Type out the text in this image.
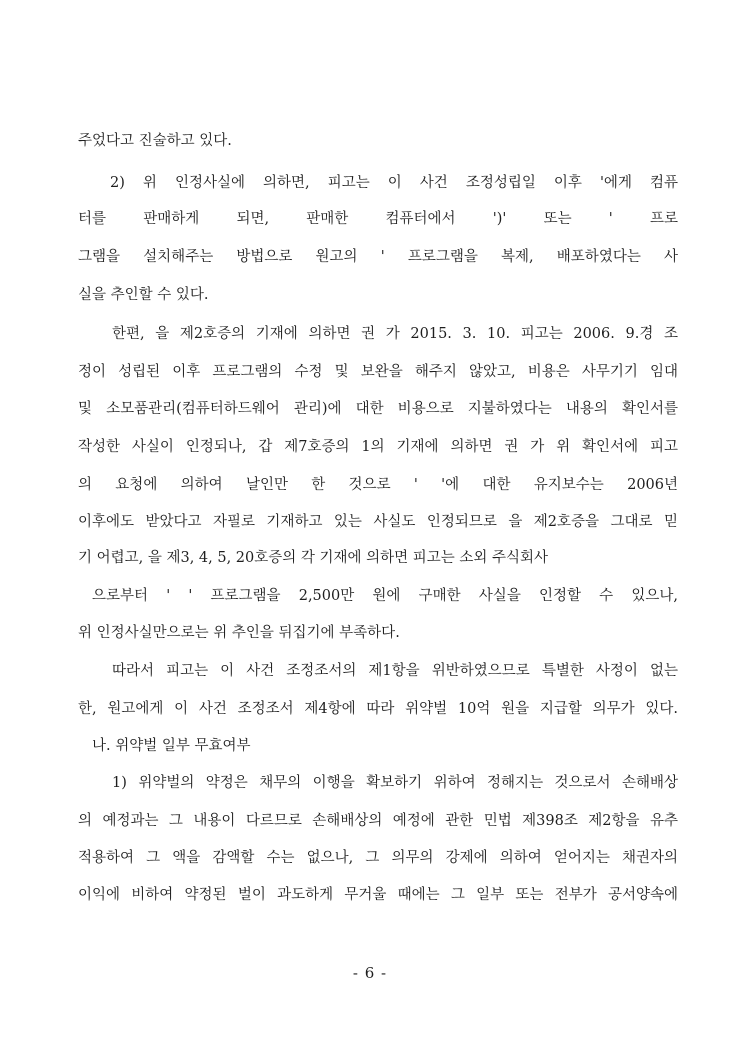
주었다고 진술하고 있다.
2) 위 인정사실에 의하면, 피고는 이 사건 조정성립일 이후 '에게 컴퓨
터를 판매하게 되면, 판매한 컴퓨터에서 ')' 또는 ' 프로
그램을 설치해주는 방법으로 원고의 ' 프로그램을 복제, 배포하였다는 사
실을 추인할 수 있다.
한편, 을 제2호증의 기재에 의하면 권 가 2015. 3. 10. 피고는 2006. 9.경 조
정이 성립된 이후 프로그램의 수정 및 보완을 해주지 않았고, 비용은 사무기기 임대
및 소모품관리(컴퓨터하드웨어 관리)에 대한 비용으로 지불하였다는 내용의 확인서를
작성한 사실이 인정되나, 갑 제7호증의 1의 기재에 의하면 권 가 위 확인서에 피고
의 요청에 의하여 날인만 한 것으로 ' '에 대한 유지보수는 2006년
이후에도 받았다고 자필로 기재하고 있는 사실도 인정되므로 을 제2호증을 그대로 믿
기 어렵고, 을 제3, 4, 5, 20호증의 각 기재에 의하면 피고는 소외 주식회사
으로부터 ' ' 프로그램을 2,500만 원에 구매한 사실을 인정할 수 있으나,
위 인정사실만으로는 위 추인을 뒤집기에 부족하다.
따라서 피고는 이 사건 조정조서의 제1항을 위반하였으므로 특별한 사정이 없는
한, 원고에게 이 사건 조정조서 제4항에 따라 위약벌 10억 원을 지급할 의무가 있다.
나. 위약벌 일부 무효여부
1) 위약벌의 약정은 채무의 이행을 확보하기 위하여 정해지는 것으로서 손해배상
의 예정과는 그 내용이 다르므로 손해배상의 예정에 관한 민법 제398조 제2항을 유추
적용하여 그 액을 감액할 수는 없으나, 그 의무의 강제에 의하여 얻어지는 채권자의
이익에 비하여 약정된 벌이 과도하게 무거울 때에는 그 일부 또는 전부가 공서양속에
- 6 -
